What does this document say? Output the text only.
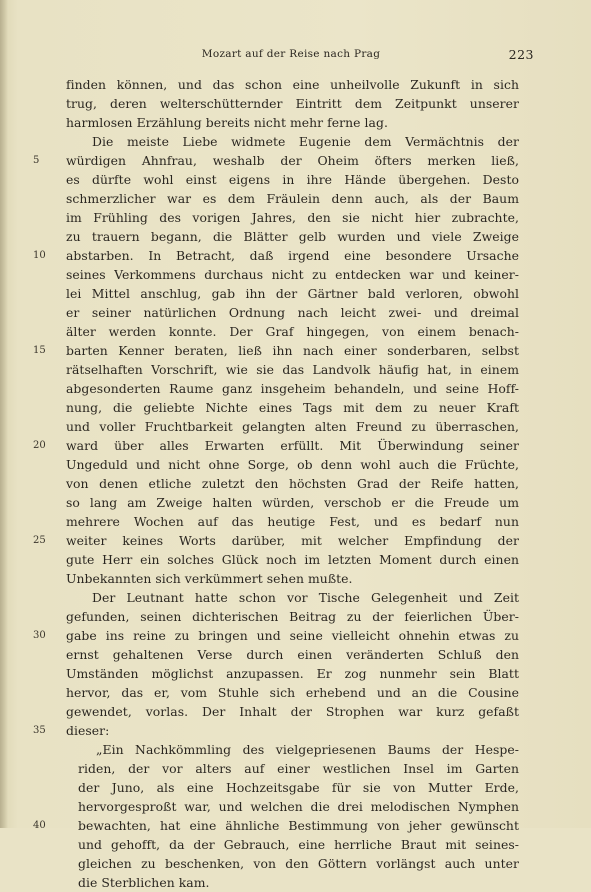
Mozart auf der Reise nach Prag	223
finden können, und das schon eine unheilvolle Zukunft in sich
trug, deren welterschütternder Eintritt dem Zeitpunkt unserer
harmlosen Erzählung bereits nicht mehr ferne lag.
Die meiste Liebe widmete Eugenie dem Vermächtnis der
5	würdigen Ahnfrau, weshalb der Oheim öfters merken ließ,
es dürfte wohl einst eigens in ihre Hände übergehen. Desto
schmerzlicher war es dem Fräulein denn auch, als der Baum
im Frühling des vorigen Jahres, den sie nicht hier zubrachte,
zu trauern begann, die Blätter gelb wurden und viele Zweige
10	abstarben. In Betracht, daß irgend eine besondere Ursache
seines Verkommens durchaus nicht zu entdecken war und keiner-
lei Mittel anschlug, gab ihn der Gärtner bald verloren, obwohl
er seiner natürlichen Ordnung nach leicht zwei- und dreimal
älter werden konnte. Der Graf hingegen, von einem benach-
15	barten Kenner beraten, ließ ihn nach einer sonderbaren, selbst
rätselhaften Vorschrift, wie sie das Landvolk häufig hat, in einem
abgesonderten Raume ganz insgeheim behandeln, und seine Hoff-
nung, die geliebte Nichte eines Tags mit dem zu neuer Kraft
und voller Fruchtbarkeit gelangten alten Freund zu überraschen,
20	ward über alles Erwarten erfüllt. Mit Überwindung seiner
Ungeduld und nicht ohne Sorge, ob denn wohl auch die Früchte,
von denen etliche zuletzt den höchsten Grad der Reife hatten,
so lang am Zweige halten würden, verschob er die Freude um
mehrere Wochen auf das heutige Fest, und es bedarf nun
25	weiter keines Worts darüber, mit welcher Empfindung der
gute Herr ein solches Glück noch im letzten Moment durch einen
Unbekannten sich verkümmert sehen mußte.
Der Leutnant hatte schon vor Tische Gelegenheit und Zeit
gefunden, seinen dichterischen Beitrag zu der feierlichen Über-
30	gabe ins reine zu bringen und seine vielleicht ohnehin etwas zu
ernst gehaltenen Verse durch einen veränderten Schluß den
Umständen möglichst anzupassen. Er zog nunmehr sein Blatt
hervor, das er, vom Stuhle sich erhebend und an die Cousine
gewendet, vorlas. Der Inhalt der Strophen war kurz gefaßt
35	dieser:
„Ein Nachkömmling des vielgepriesenen Baums der Hespe-
riden, der vor alters auf einer westlichen Insel im Garten
der Juno, als eine Hochzeitsgabe für sie von Mutter Erde,
hervorgesproßt war, und welchen die drei melodischen Nymphen
40	bewachten, hat eine ähnliche Bestimmung von jeher gewünscht
und gehofft, da der Gebrauch, eine herrliche Braut mit seines-
gleichen zu beschenken, von den Göttern vorlängst auch unter
die Sterblichen kam.
